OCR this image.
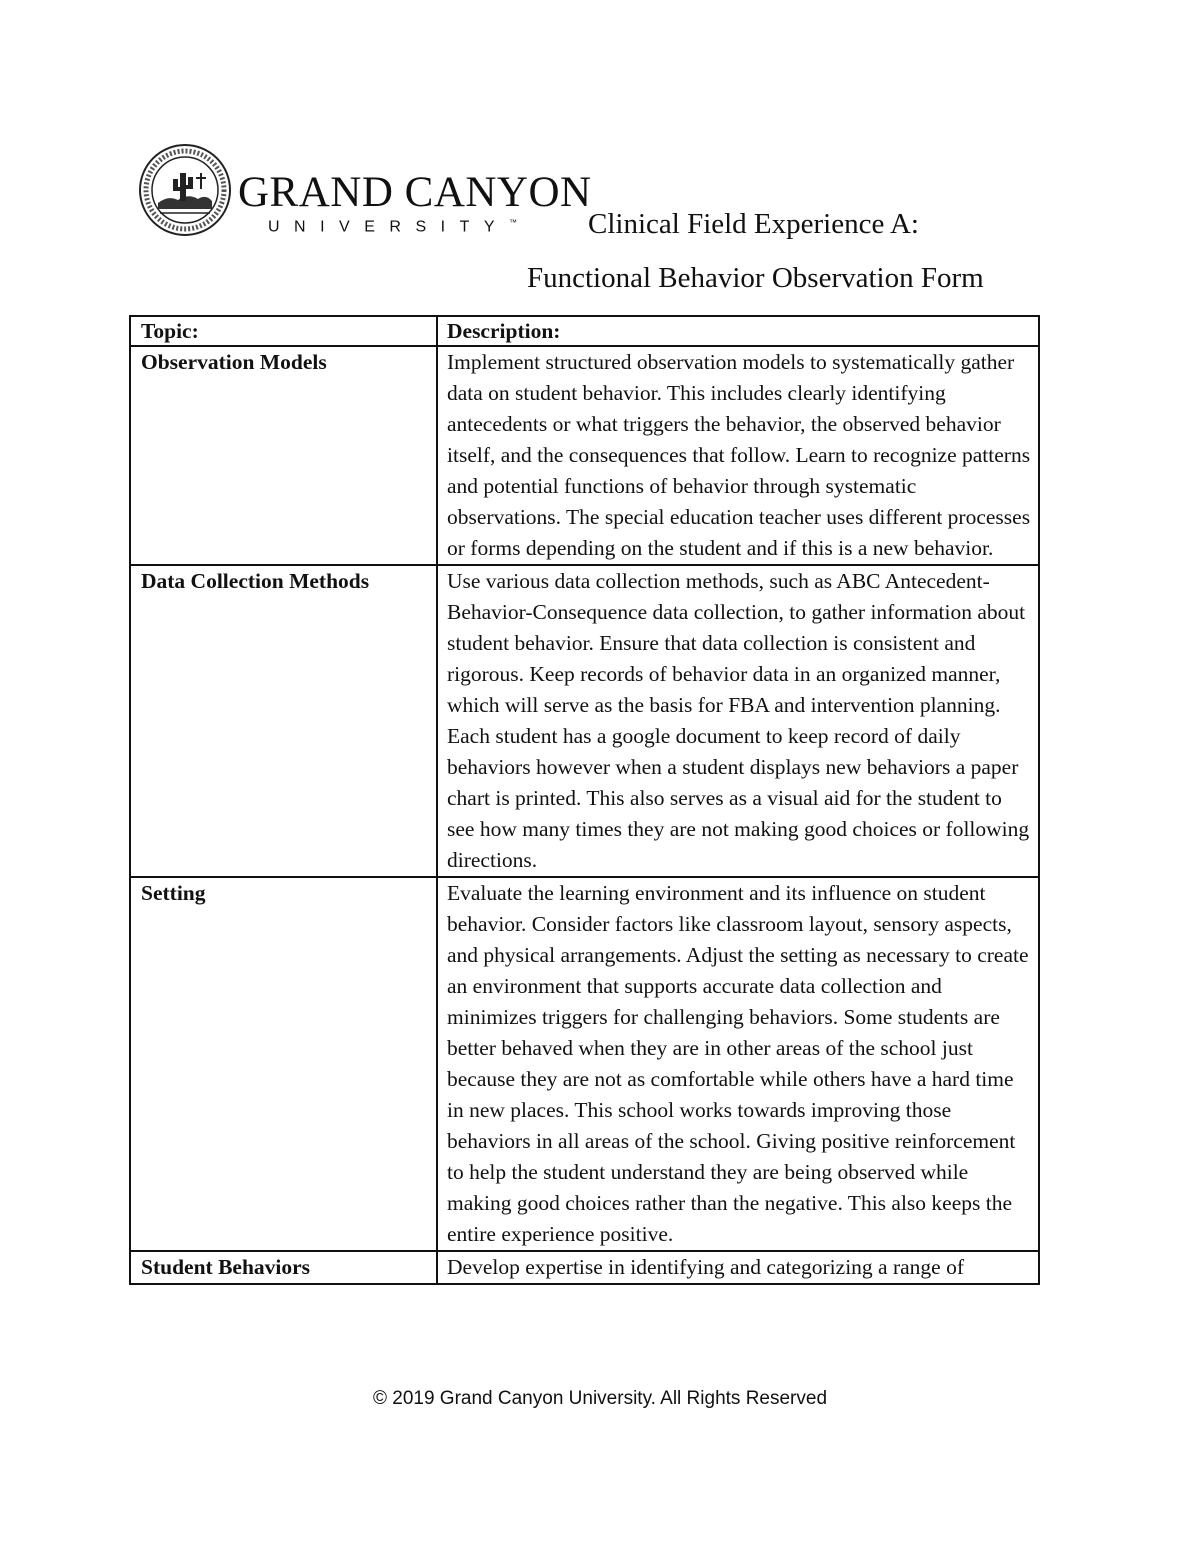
GRAND CANYON
UNIVERSITY™	Clinical Field Experience A:
Functional Behavior Observation Form
Topic:	Description:
Observation Models	Implement structured observation models to systematically gather data on student behavior. This includes clearly identifying antecedents or what triggers the behavior, the observed behavior itself, and the consequences that follow. Learn to recognize patterns and potential functions of behavior through systematic observations. The special education teacher uses different processes or forms depending on the student and if this is a new behavior.
Data Collection Methods	Use various data collection methods, such as ABC Antecedent-Behavior-Consequence data collection, to gather information about student behavior. Ensure that data collection is consistent and rigorous. Keep records of behavior data in an organized manner, which will serve as the basis for FBA and intervention planning. Each student has a google document to keep record of daily behaviors however when a student displays new behaviors a paper chart is printed. This also serves as a visual aid for the student to see how many times they are not making good choices or following directions.
Setting	Evaluate the learning environment and its influence on student behavior. Consider factors like classroom layout, sensory aspects, and physical arrangements. Adjust the setting as necessary to create an environment that supports accurate data collection and minimizes triggers for challenging behaviors. Some students are better behaved when they are in other areas of the school just because they are not as comfortable while others have a hard time in new places. This school works towards improving those behaviors in all areas of the school. Giving positive reinforcement to help the student understand they are being observed while making good choices rather than the negative. This also keeps the entire experience positive.
Student Behaviors	Develop expertise in identifying and categorizing a range of
© 2019 Grand Canyon University. All Rights Reserved
